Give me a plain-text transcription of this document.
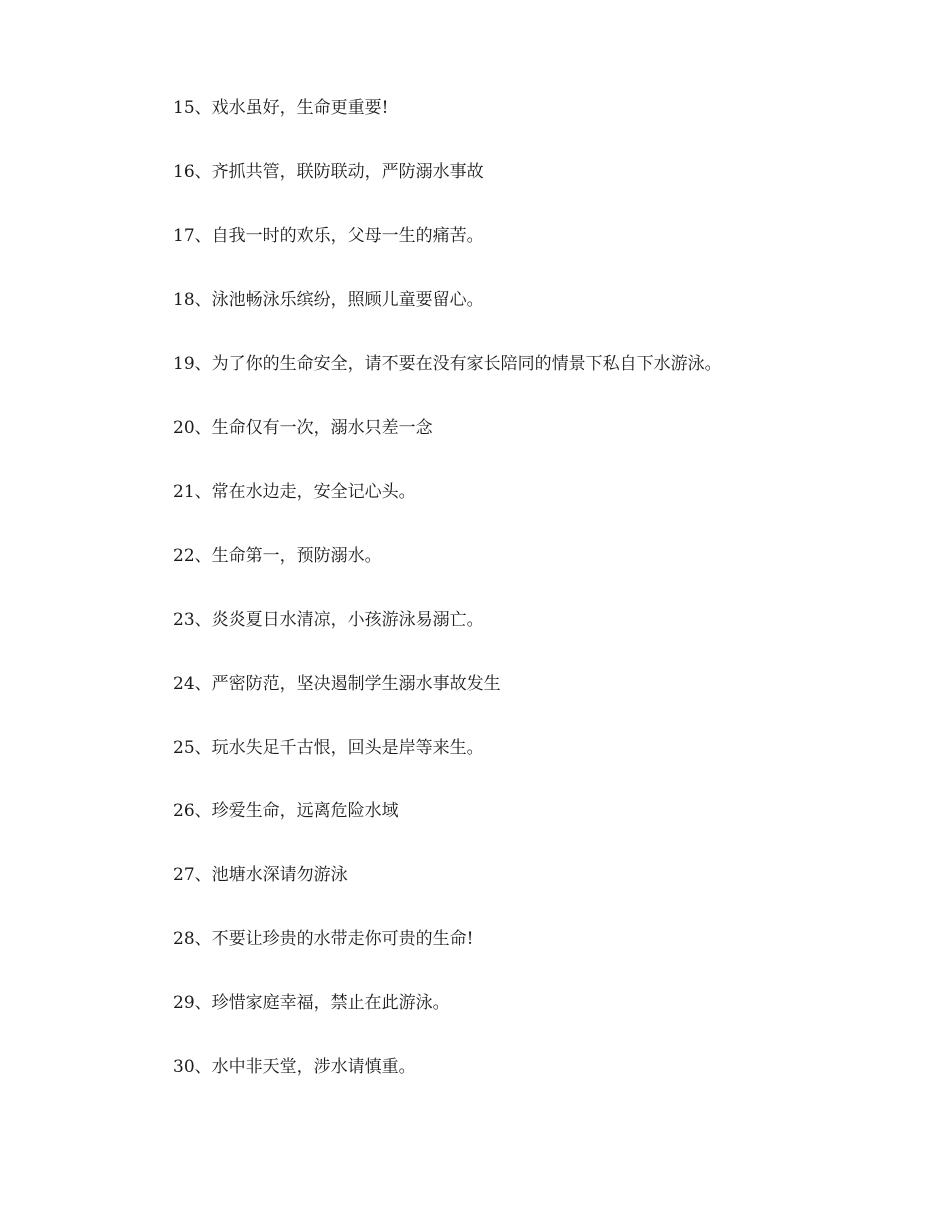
15、戏水虽好，生命更重要!
16、齐抓共管，联防联动，严防溺水事故
17、自我一时的欢乐，父母一生的痛苦。
18、泳池畅泳乐缤纷，照顾儿童要留心。
19、为了你的生命安全，请不要在没有家长陪同的情景下私自下水游泳。
20、生命仅有一次，溺水只差一念
21、常在水边走，安全记心头。
22、生命第一，预防溺水。
23、炎炎夏日水清凉，小孩游泳易溺亡。
24、严密防范，坚决遏制学生溺水事故发生
25、玩水失足千古恨，回头是岸等来生。
26、珍爱生命，远离危险水域
27、池塘水深请勿游泳
28、不要让珍贵的水带走你可贵的生命!
29、珍惜家庭幸福，禁止在此游泳。
30、水中非天堂，涉水请慎重。
